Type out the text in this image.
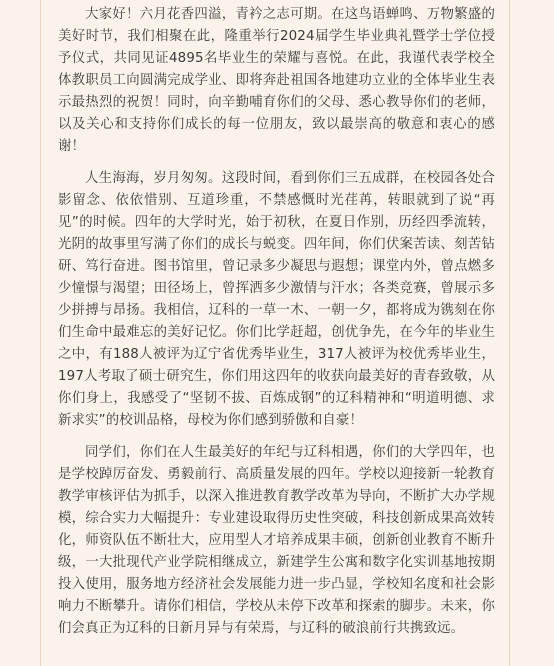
大家好！六月花香四溢，青衿之志可期。在这鸟语蝉鸣、万物繁盛的美好时节，我们相聚在此，隆重举行2024届学生毕业典礼暨学士学位授予仪式，共同见证4895名毕业生的荣耀与喜悦。在此，我谨代表学校全体教职员工向圆满完成学业、即将奔赴祖国各地建功立业的全体毕业生表示最热烈的祝贺！同时，向辛勤哺育你们的父母、悉心教导你们的老师，以及关心和支持你们成长的每一位朋友，致以最崇高的敬意和衷心的感谢！

人生海海，岁月匆匆。这段时间，看到你们三五成群，在校园各处合影留念、依依惜别、互道珍重，不禁感慨时光荏苒，转眼就到了说“再见”的时候。四年的大学时光，始于初秋，在夏日作别，历经四季流转，光阴的故事里写满了你们的成长与蜕变。四年间，你们伏案苦读、刻苦钻研、笃行奋进。图书馆里，曾记录多少凝思与遐想；课堂内外，曾点燃多少憧憬与渴望；田径场上，曾挥洒多少激情与汗水；各类竞赛，曾展示多少拼搏与昂扬。我相信，辽科的一草一木、一朝一夕，都将成为镌刻在你们生命中最难忘的美好记忆。你们比学赶超，创优争先，在今年的毕业生之中，有188人被评为辽宁省优秀毕业生，317人被评为校优秀毕业生，197人考取了硕士研究生，你们用这四年的收获向最美好的青春致敬，从你们身上，我感受了“坚韧不拔、百炼成钢”的辽科精神和“明道明德、求新求实”的校训品格，母校为你们感到骄傲和自豪！

同学们，你们在人生最美好的年纪与辽科相遇，你们的大学四年，也是学校踔厉奋发、勇毅前行、高质量发展的四年。学校以迎接新一轮教育教学审核评估为抓手，以深入推进教育教学改革为导向，不断扩大办学规模，综合实力大幅提升：专业建设取得历史性突破，科技创新成果高效转化，师资队伍不断壮大，应用型人才培养成果丰硕，创新创业教育不断升级，一大批现代产业学院相继成立，新建学生公寓和数字化实训基地按期投入使用，服务地方经济社会发展能力进一步凸显，学校知名度和社会影响力不断攀升。请你们相信，学校从未停下改革和探索的脚步。未来，你们会真正为辽科的日新月异与有荣焉，与辽科的破浪前行共携致远。
